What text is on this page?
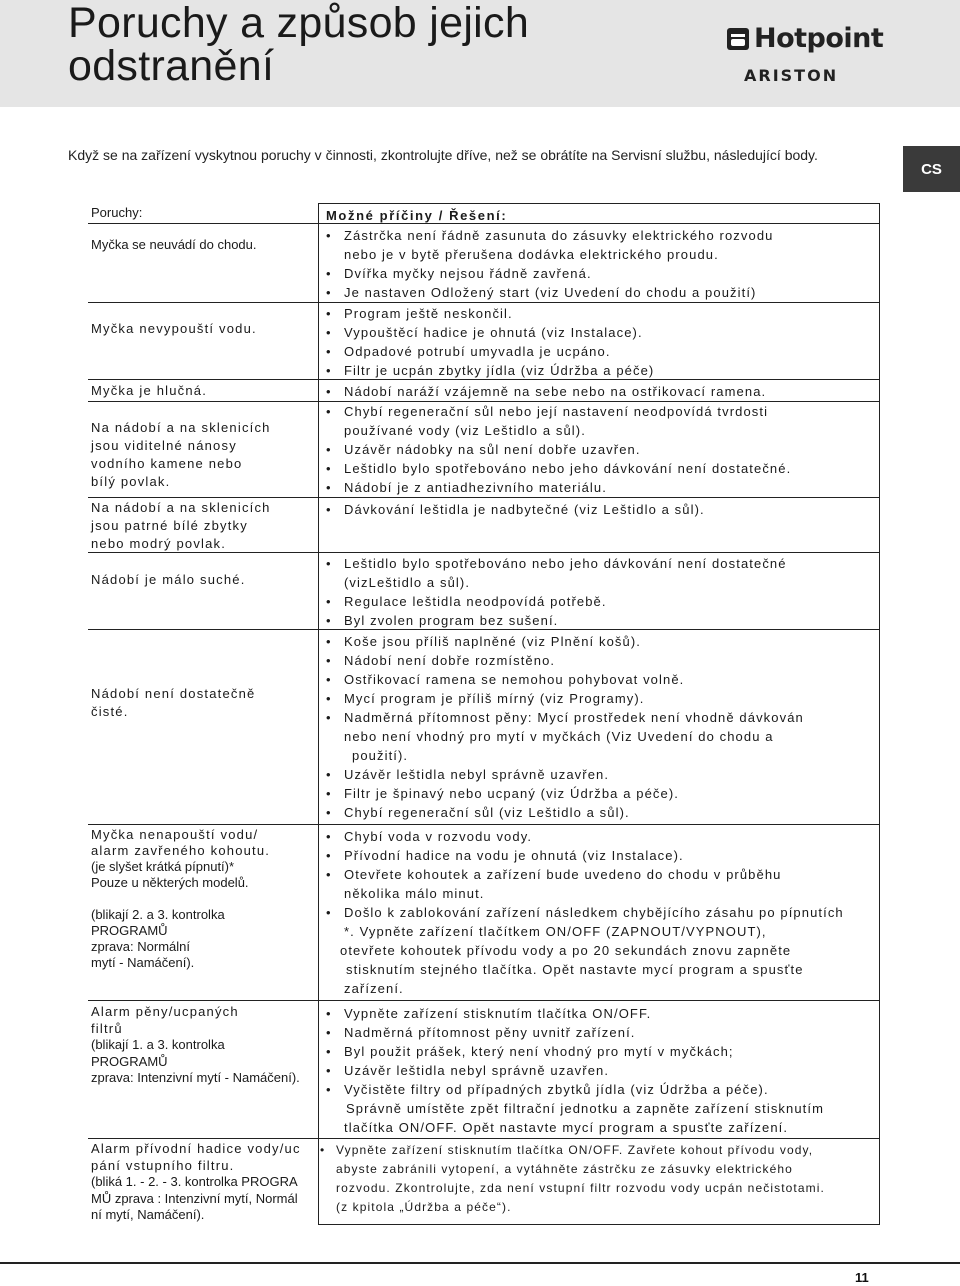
Poruchy a způsob jejich
odstranění
Hotpoint
ARISTON

Když se na zařízení vyskytnou poruchy v činnosti, zkontrolujte dříve, než se obrátíte na Servisní službu, následující body.

CS
Poruchy:	Možné příčiny / Řešení:
Myčka se neuvádí do chodu.
• Zástrčka není řádně zasunuta do zásuvky elektrického rozvodu
nebo je v bytě přerušena dodávka elektrického proudu.
• Dvířka myčky nejsou řádně zavřená.
• Je nastaven Odložený start (viz Uvedení do chodu a použití)
Myčka nevypouští vodu.
• Program ještě neskončil.
• Vypouštěcí hadice je ohnutá (viz Instalace).
• Odpadové potrubí umyvadla je ucpáno.
• Filtr je ucpán zbytky jídla (viz Údržba a péče)
Myčka je hlučná.
•	Nádobí naráží vzájemně na sebe nebo na ostřikovací ramena.
Na nádobí a na sklenicích
jsou viditelné nánosy
vodního kamene nebo
bílý povlak.
• Chybí regenerační sůl nebo její nastavení neodpovídá tvrdosti
používané vody (viz Leštidlo a sůl).
• Uzávěr nádobky na sůl není dobře uzavřen.
• Leštidlo bylo spotřebováno nebo jeho dávkování není dostatečné.
• Nádobí je z antiadhezivního materiálu.
Na nádobí a na sklenicích
jsou patrné bílé zbytky
nebo modrý povlak.
• Dávkování leštidla je nadbytečné (viz Leštidlo a sůl).
Nádobí je málo suché.
• Leštidlo bylo spotřebováno nebo jeho dávkování není dostatečné
(vizLeštidlo a sůl).
• Regulace leštidla neodpovídá potřebě.
• Byl zvolen program bez sušení.
Nádobí není dostatečně
čisté.
• Koše jsou příliš naplněné (viz Plnění košů).
• Nádobí není dobře rozmístěno.
• Ostřikovací ramena se nemohou pohybovat volně.
• Mycí program je příliš mírný (viz Programy).
• Nadměrná přítomnost pěny: Mycí prostředek není vhodně dávkován
nebo není vhodný pro mytí v myčkách (Viz Uvedení do chodu a
použití).
• Uzávěr leštidla nebyl správně uzavřen.
• Filtr je špinavý nebo ucpaný (viz Údržba a péče).
• Chybí regenerační sůl (viz Leštidlo a sůl).
Myčka nenapouští vodu/
alarm zavřeného kohoutu.
(je slyšet krátká pípnutí)*
Pouze u některých modelů.
(blikají 2. a 3. kontrolka
PROGRAMŮ
zprava: Normální
mytí - Namáčení).
• Chybí voda v rozvodu vody.
• Přívodní hadice na vodu je ohnutá (viz Instalace).
• Otevřete kohoutek a zařízení bude uvedeno do chodu v průběhu
několika málo minut.
• Došlo k zablokování zařízení následkem chybějícího zásahu po pípnutích
*. Vypněte zařízení tlačítkem ON/OFF (ZAPNOUT/VYPNOUT),
otevřete kohoutek přívodu vody a po 20 sekundách znovu zapněte
stisknutím stejného tlačítka. Opět nastavte mycí program a spusťte
zařízení.
Alarm pěny/ucpaných
filtrů
(blikají 1. a 3. kontrolka
PROGRAMŮ
zprava: Intenzivní mytí - Namáčení).
• Vypněte zařízení stisknutím tlačítka ON/OFF.
• Nadměrná přítomnost pěny uvnitř zařízení.
• Byl použit prášek, který není vhodný pro mytí v myčkách;
• Uzávěr leštidla nebyl správně uzavřen.
• Vyčistěte filtry od případných zbytků jídla (viz Údržba a péče).
Správně umístěte zpět filtrační jednotku a zapněte zařízení stisknutím
tlačítka ON/OFF. Opět nastavte mycí program a spusťte zařízení.
Alarm přívodní hadice vody/uc
pání vstupního filtru.
(bliká 1. - 2. - 3. kontrolka PROGRA
MŮ zprava : Intenzivní mytí, Normál
ní mytí, Namáčení).
• Vypněte zařízení stisknutím tlačítka ON/OFF. Zavřete kohout přívodu vody,
abyste zabránili vytopení, a vytáhněte zástrčku ze zásuvky elektrického
rozvodu. Zkontrolujte, zda není vstupní filtr rozvodu vody ucpán nečistotami.
(z kpitola „Údržba a péče“).
11
